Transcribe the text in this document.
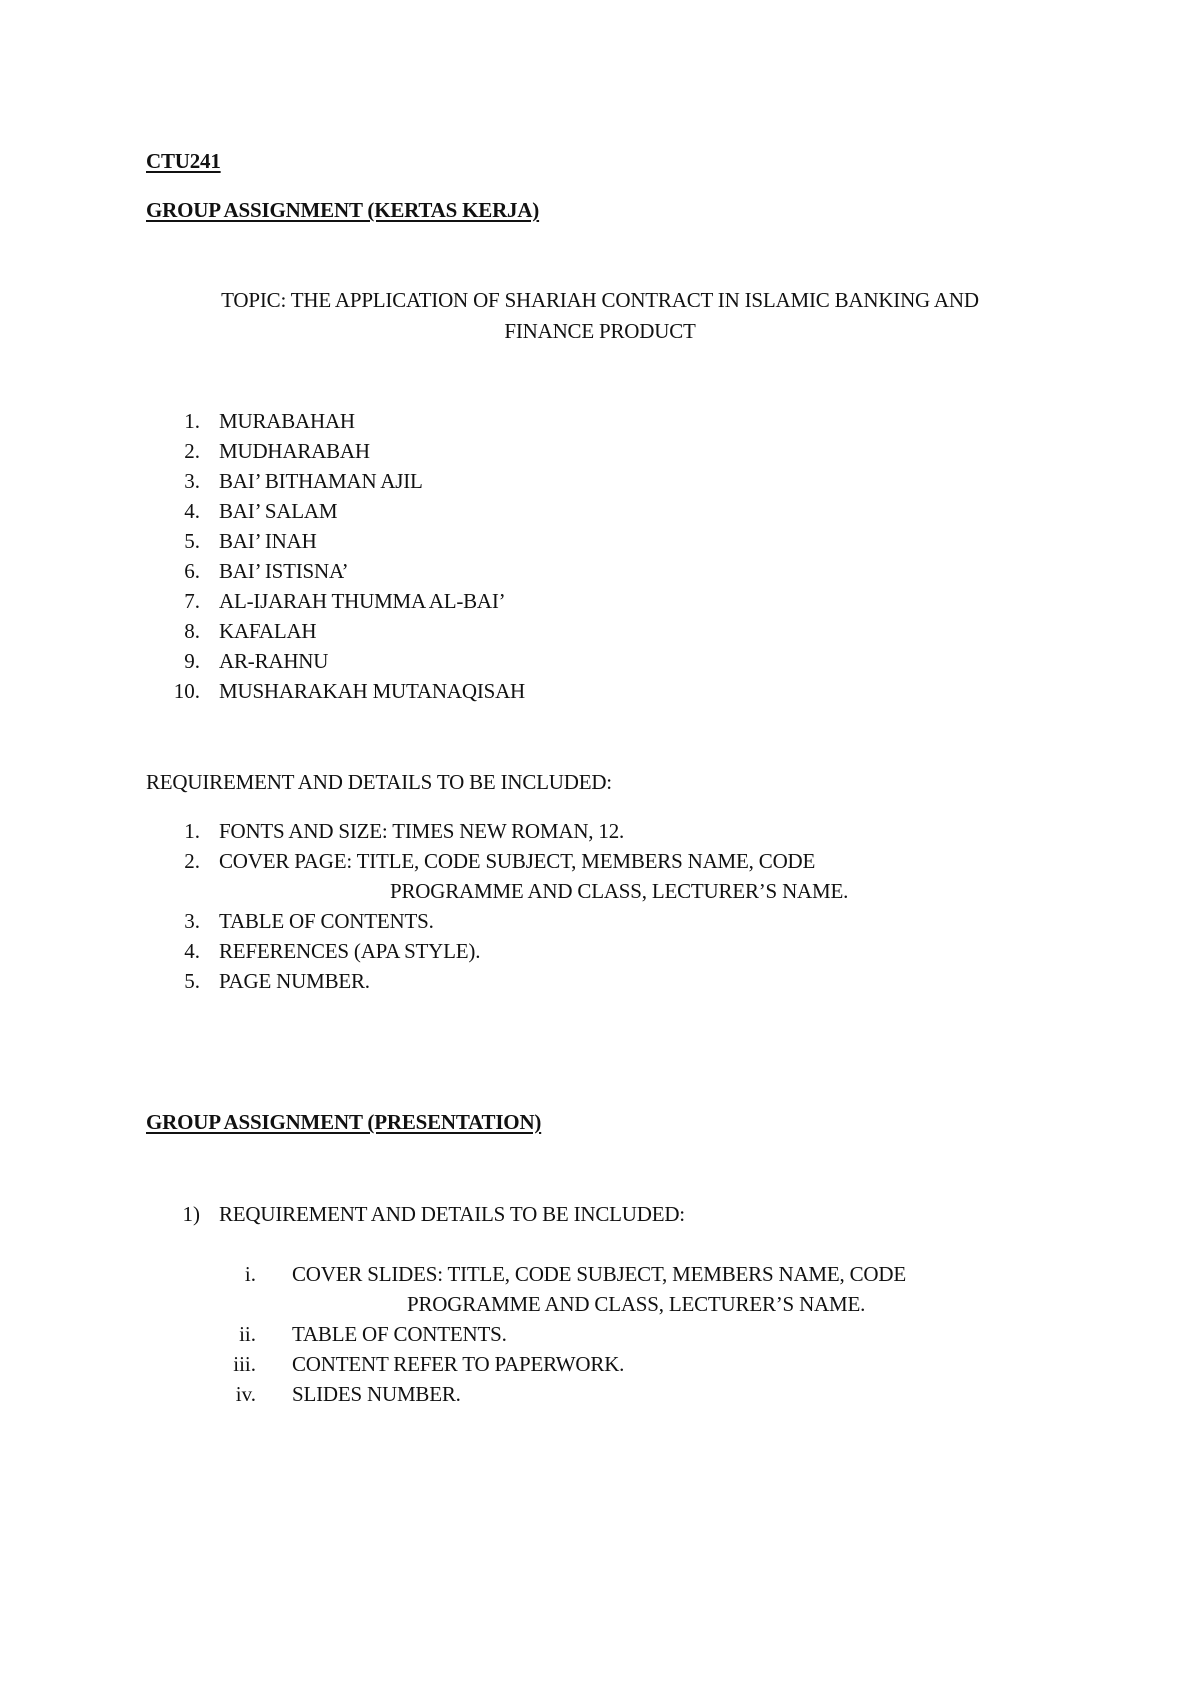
CTU241
GROUP ASSIGNMENT (KERTAS KERJA)
TOPIC: THE APPLICATION OF SHARIAH CONTRACT IN ISLAMIC BANKING AND
FINANCE PRODUCT
1. MURABAHAH
2. MUDHARABAH
3. BAI’ BITHAMAN AJIL
4. BAI’ SALAM
5. BAI’ INAH
6. BAI’ ISTISNA’
7. AL-IJARAH THUMMA AL-BAI’
8. KAFALAH
9. AR-RAHNU
10. MUSHARAKAH MUTANAQISAH
REQUIREMENT AND DETAILS TO BE INCLUDED:
1. FONTS AND SIZE: TIMES NEW ROMAN, 12.
2. COVER PAGE: TITLE, CODE SUBJECT, MEMBERS NAME, CODE
PROGRAMME AND CLASS, LECTURER’S NAME.
3. TABLE OF CONTENTS.
4. REFERENCES (APA STYLE).
5. PAGE NUMBER.
GROUP ASSIGNMENT (PRESENTATION)
1) REQUIREMENT AND DETAILS TO BE INCLUDED:
i. COVER SLIDES: TITLE, CODE SUBJECT, MEMBERS NAME, CODE
PROGRAMME AND CLASS, LECTURER’S NAME.
ii. TABLE OF CONTENTS.
iii. CONTENT REFER TO PAPERWORK.
iv. SLIDES NUMBER.
